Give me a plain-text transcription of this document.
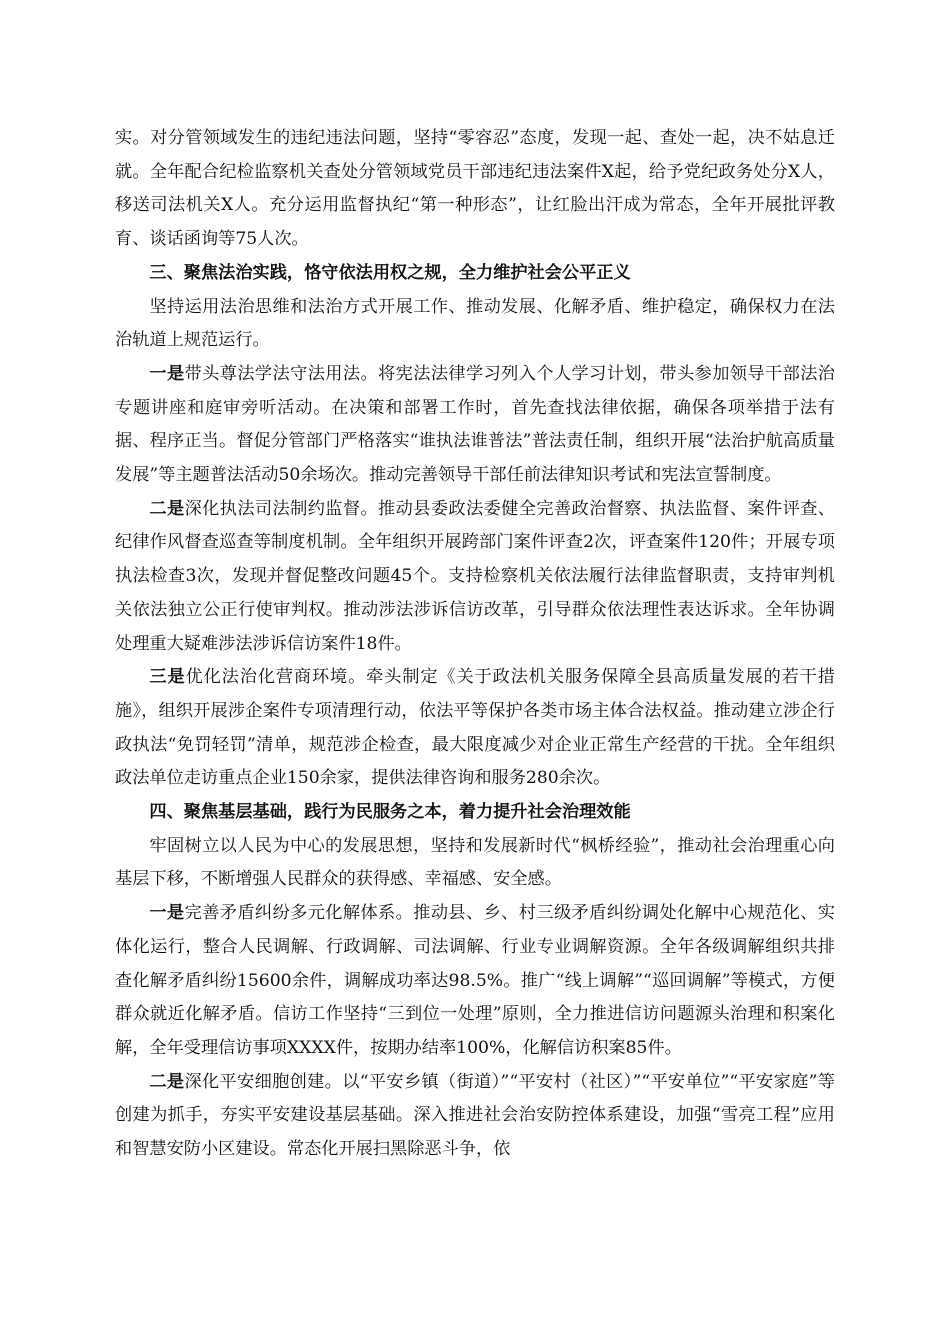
实。对分管领域发生的违纪违法问题，坚持“零容忍”态度，发现一起、查处一起，决不姑息迁就。全年配合纪检监察机关查处分管领域党员干部违纪违法案件X起，给予党纪政务处分X人，移送司法机关X人。充分运用监督执纪“第一种形态”，让红脸出汗成为常态，全年开展批评教育、谈话函询等75人次。

三、聚焦法治实践，恪守依法用权之规，全力维护社会公平正义

坚持运用法治思维和法治方式开展工作、推动发展、化解矛盾、维护稳定，确保权力在法治轨道上规范运行。

一是带头尊法学法守法用法。将宪法法律学习列入个人学习计划，带头参加领导干部法治专题讲座和庭审旁听活动。在决策和部署工作时，首先查找法律依据，确保各项举措于法有据、程序正当。督促分管部门严格落实“谁执法谁普法”普法责任制，组织开展“法治护航高质量发展”等主题普法活动50余场次。推动完善领导干部任前法律知识考试和宪法宣誓制度。

二是深化执法司法制约监督。推动县委政法委健全完善政治督察、执法监督、案件评查、纪律作风督查巡查等制度机制。全年组织开展跨部门案件评查2次，评查案件120件；开展专项执法检查3次，发现并督促整改问题45个。支持检察机关依法履行法律监督职责，支持审判机关依法独立公正行使审判权。推动涉法涉诉信访改革，引导群众依法理性表达诉求。全年协调处理重大疑难涉法涉诉信访案件18件。

三是优化法治化营商环境。牵头制定《关于政法机关服务保障全县高质量发展的若干措施》，组织开展涉企案件专项清理行动，依法平等保护各类市场主体合法权益。推动建立涉企行政执法“免罚轻罚”清单，规范涉企检查，最大限度减少对企业正常生产经营的干扰。全年组织政法单位走访重点企业150余家，提供法律咨询和服务280余次。

四、聚焦基层基础，践行为民服务之本，着力提升社会治理效能

牢固树立以人民为中心的发展思想，坚持和发展新时代“枫桥经验”，推动社会治理重心向基层下移，不断增强人民群众的获得感、幸福感、安全感。

一是完善矛盾纠纷多元化解体系。推动县、乡、村三级矛盾纠纷调处化解中心规范化、实体化运行，整合人民调解、行政调解、司法调解、行业专业调解资源。全年各级调解组织共排查化解矛盾纠纷15600余件，调解成功率达98.5%。推广“线上调解”“巡回调解”等模式，方便群众就近化解矛盾。信访工作坚持“三到位一处理”原则，全力推进信访问题源头治理和积案化解，全年受理信访事项XXXX件，按期办结率100%，化解信访积案85件。

二是深化平安细胞创建。以“平安乡镇（街道）”“平安村（社区）”“平安单位”“平安家庭”等创建为抓手，夯实平安建设基层基础。深入推进社会治安防控体系建设，加强“雪亮工程”应用和智慧安防小区建设。常态化开展扫黑除恶斗争，依
